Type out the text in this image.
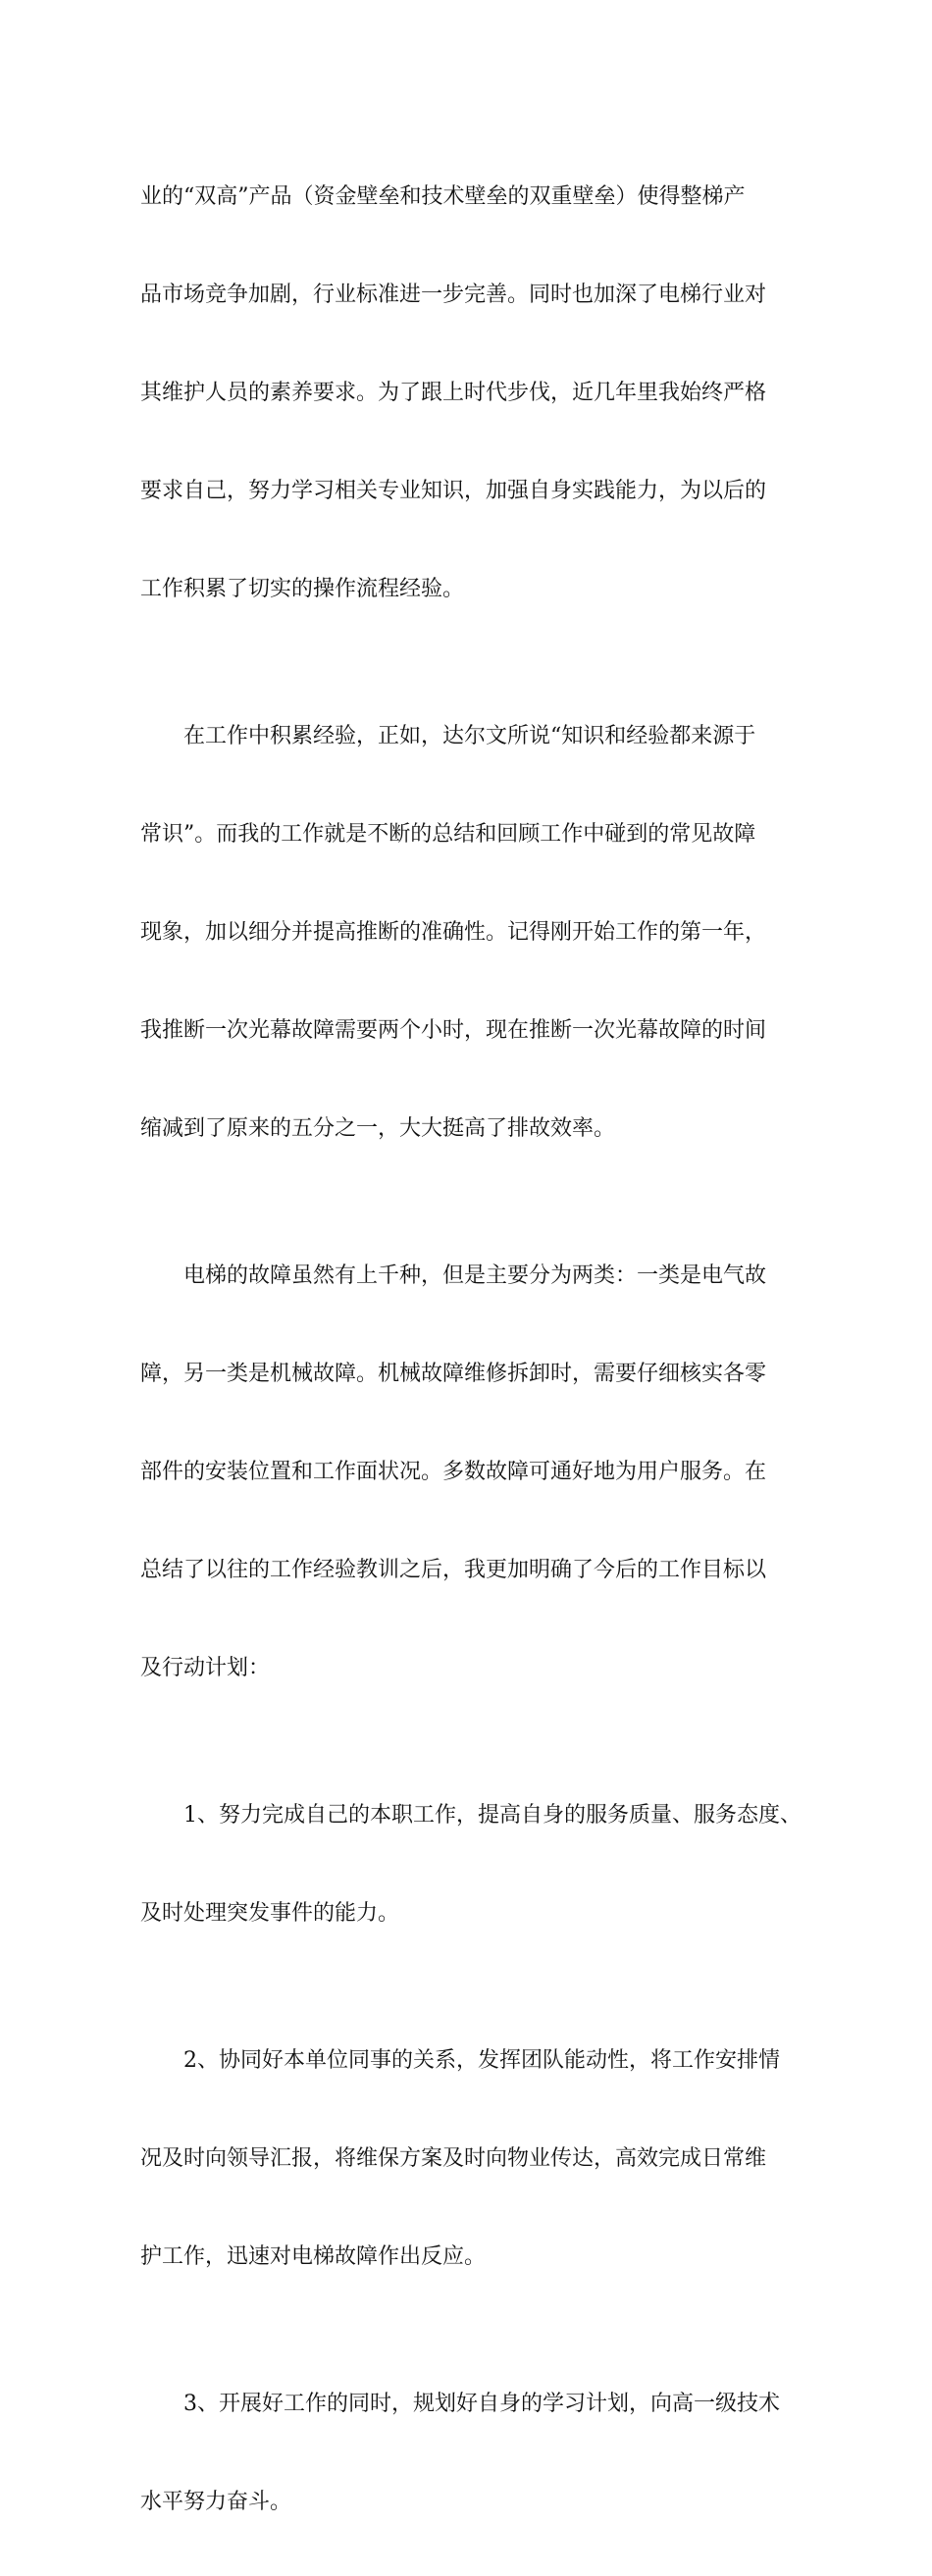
业的“双高”产品（资金壁垒和技术壁垒的双重壁垒）使得整梯产

品市场竞争加剧，行业标准进一步完善。同时也加深了电梯行业对

其维护人员的素养要求。为了跟上时代步伐，近几年里我始终严格

要求自己，努力学习相关专业知识，加强自身实践能力，为以后的

工作积累了切实的操作流程经验。

在工作中积累经验，正如，达尔文所说“知识和经验都来源于

常识”。而我的工作就是不断的总结和回顾工作中碰到的常见故障

现象，加以细分并提高推断的准确性。记得刚开始工作的第一年，

我推断一次光幕故障需要两个小时，现在推断一次光幕故障的时间

缩减到了原来的五分之一，大大挺高了排故效率。

电梯的故障虽然有上千种，但是主要分为两类：一类是电气故

障，另一类是机械故障。机械故障维修拆卸时，需要仔细核实各零

部件的安装位置和工作面状况。多数故障可通好地为用户服务。在

总结了以往的工作经验教训之后，我更加明确了今后的工作目标以

及行动计划：

1、努力完成自己的本职工作，提高自身的服务质量、服务态度、

及时处理突发事件的能力。

2、协同好本单位同事的关系，发挥团队能动性，将工作安排情

况及时向领导汇报，将维保方案及时向物业传达，高效完成日常维

护工作，迅速对电梯故障作出反应。

3、开展好工作的同时，规划好自身的学习计划，向高一级技术

水平努力奋斗。
